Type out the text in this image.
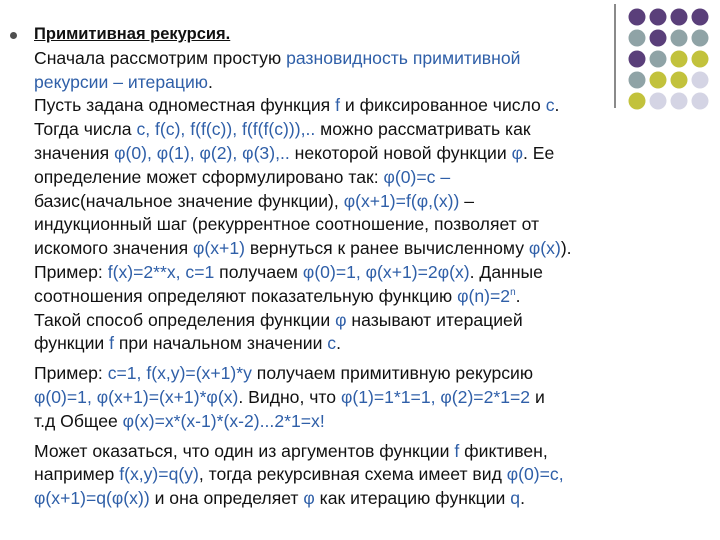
Примитивная рекурсия.

Сначала рассмотрим простую разновидность примитивной
рекурсии – итерацию.

Пусть задана одноместная функция f и фиксированное число c.
Тогда числа c, f(c), f(f(c)), f(f(f(c))),.. можно рассматривать как
значения φ(0), φ(1), φ(2), φ(3),.. некоторой новой функции φ. Ее
определение может сформулировано так: φ(0)=c –
базис(начальное значение функции), φ(x+1)=f(φ,(x)) –
индукционный шаг (рекуррентное соотношение, позволяет от
искомого значения φ(x+1) вернуться к ранее вычисленному φ(x)).
Пример: f(x)=2**x, c=1 получаем φ(0)=1, φ(x+1)=2φ(x). Данные
соотношения определяют показательную функцию $\varphi(n)=2^n$.
Такой способ определения функции φ называют итерацией
функции f при начальном значении c.

Пример: c=1, f(x,y)=(x+1)*y получаем примитивную рекурсию
φ(0)=1, φ(x+1)=(x+1)*φ(x). Видно, что φ(1)=1*1=1, φ(2)=2*1=2 и
т.д Общее φ(x)=x*(x-1)*(x-2)...2*1=x!

Может оказаться, что один из аргументов функции f фиктивен,
например f(x,y)=q(y), тогда рекурсивная схема имеет вид φ(0)=c,
φ(x+1)=q(φ(x)) и она определяет φ как итерацию функции q.
